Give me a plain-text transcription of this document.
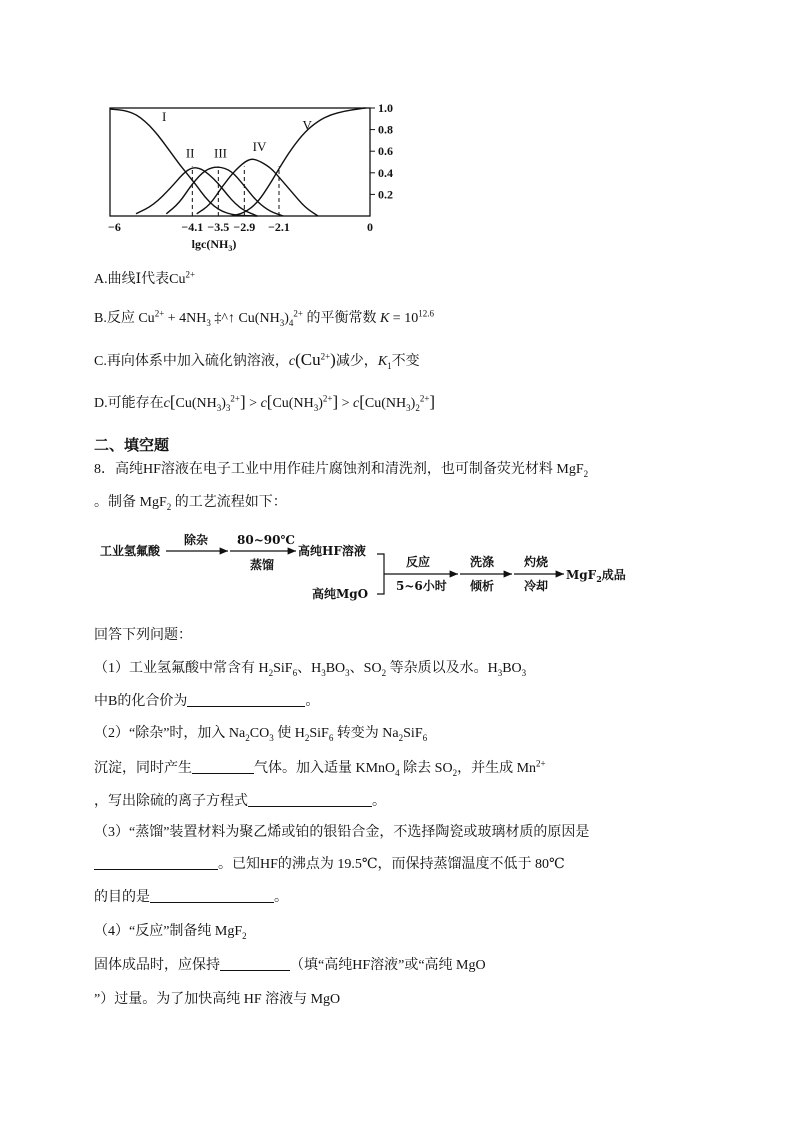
1.0
0.8
0.6
0.4
0.2
−6	−4.1 −3.5 −2.9 −2.1	0
$\lg c(NH_3)$
I
II III IV
V
A.曲线Ⅰ代表$Cu^{2+}$
B.反应 $Cu^{2+} + 4NH_3$ ‡^↑ $Cu(NH_3)_4^{2+}$ 的平衡常数 $K = 10^{12.6}$
C.再向体系中加入硫化钠溶液，$c(Cu^{2+})$减少，$K_1$不变
D.可能存在$c[Cu(NH_3)_3^{2+}] > c[Cu(NH_3)^{2+}] > c[Cu(NH_3)_2^{2+}]$
二、填空题
8．高纯HF溶液在电子工业中用作硅片腐蚀剂和清洗剂，也可制备荧光材料 MgF$_2$
。制备 MgF$_2$ 的工艺流程如下：
工业氢氟酸
除杂 80~90℃
蒸馏
高纯HF溶液
高纯MgO
反应
5~6小时
洗涤
倾析
灼烧
冷却
MgF$_2$成品
回答下列问题：
（1）工业氢氟酸中常含有 $H_2SiF_6$、$H_3BO_3$、$SO_2$ 等杂质以及水。$H_3BO_3$
中B的化合价为	。
（2）“除杂”时，加入 $Na_2CO_3$ 使 $H_2SiF_6$ 转变为 $Na_2SiF_6$
沉淀，同时产生	气体。加入适量 KMnO$_4$ 除去 $SO_2$，并生成 $Mn^{2+}$
，写出除硫的离子方程式	。
（3）“蒸馏”装置材料为聚乙烯或铂的银铅合金，不选择陶瓷或玻璃材质的原因是
。已知HF的沸点为 19.5℃，而保持蒸馏温度不低于 80℃
的目的是	。
（4）“反应”制备纯 MgF$_2$
固体成品时，应保持	（填“高纯HF溶液”或“高纯 MgO
”）过量。为了加快高纯 HF 溶液与 MgO
